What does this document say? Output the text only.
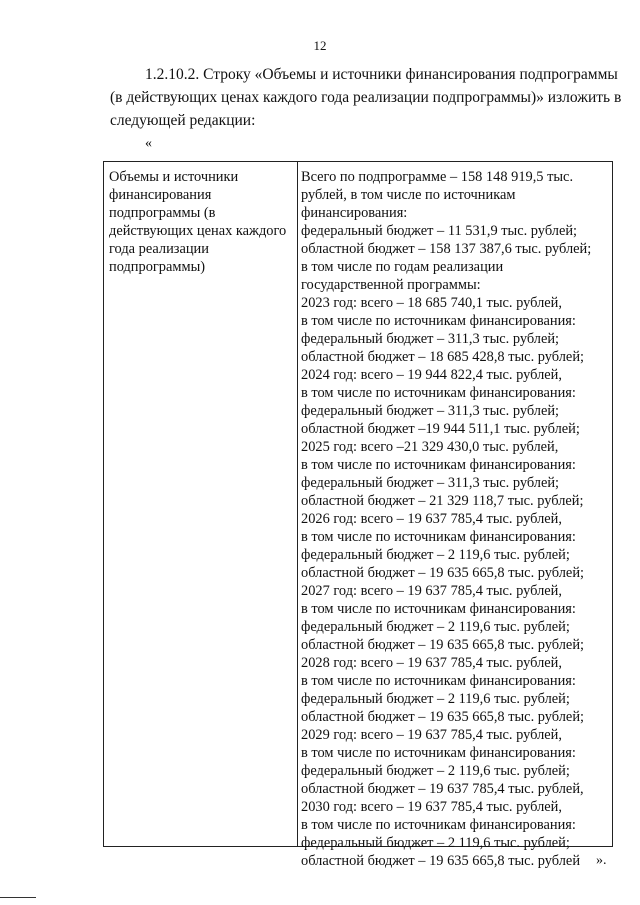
12

1.2.10.2. Строку «Объемы и источники финансирования подпрограммы
(в действующих ценах каждого года реализации подпрограммы)» изложить в
следующей редакции:

«
Объемы и источники
финансирования
подпрограммы (в
действующих ценах каждого
года реализации
подпрограммы)
Всего по подпрограмме – 158 148 919,5 тыс.
рублей, в том числе по источникам
финансирования:
федеральный бюджет – 11 531,9 тыс. рублей;
областной бюджет – 158 137 387,6 тыс. рублей;
в том числе по годам реализации
государственной программы:
2023 год: всего – 18 685 740,1 тыс. рублей,
в том числе по источникам финансирования:
федеральный бюджет – 311,3 тыс. рублей;
областной бюджет – 18 685 428,8 тыс. рублей;
2024 год: всего – 19 944 822,4 тыс. рублей,
в том числе по источникам финансирования:
федеральный бюджет – 311,3 тыс. рублей;
областной бюджет –19 944 511,1 тыс. рублей;
2025 год: всего –21 329 430,0 тыс. рублей,
в том числе по источникам финансирования:
федеральный бюджет – 311,3 тыс. рублей;
областной бюджет – 21 329 118,7 тыс. рублей;
2026 год: всего – 19 637 785,4 тыс. рублей,
в том числе по источникам финансирования:
федеральный бюджет – 2 119,6 тыс. рублей;
областной бюджет – 19 635 665,8 тыс. рублей;
2027 год: всего – 19 637 785,4 тыс. рублей,
в том числе по источникам финансирования:
федеральный бюджет – 2 119,6 тыс. рублей;
областной бюджет – 19 635 665,8 тыс. рублей;
2028 год: всего – 19 637 785,4 тыс. рублей,
в том числе по источникам финансирования:
федеральный бюджет – 2 119,6 тыс. рублей;
областной бюджет – 19 635 665,8 тыс. рублей;
2029 год: всего – 19 637 785,4 тыс. рублей,
в том числе по источникам финансирования:
федеральный бюджет – 2 119,6 тыс. рублей;
областной бюджет – 19 637 785,4 тыс. рублей,
2030 год: всего – 19 637 785,4 тыс. рублей,
в том числе по источникам финансирования:
федеральный бюджет – 2 119,6 тыс. рублей;
областной бюджет – 19 635 665,8 тыс. рублей	».
